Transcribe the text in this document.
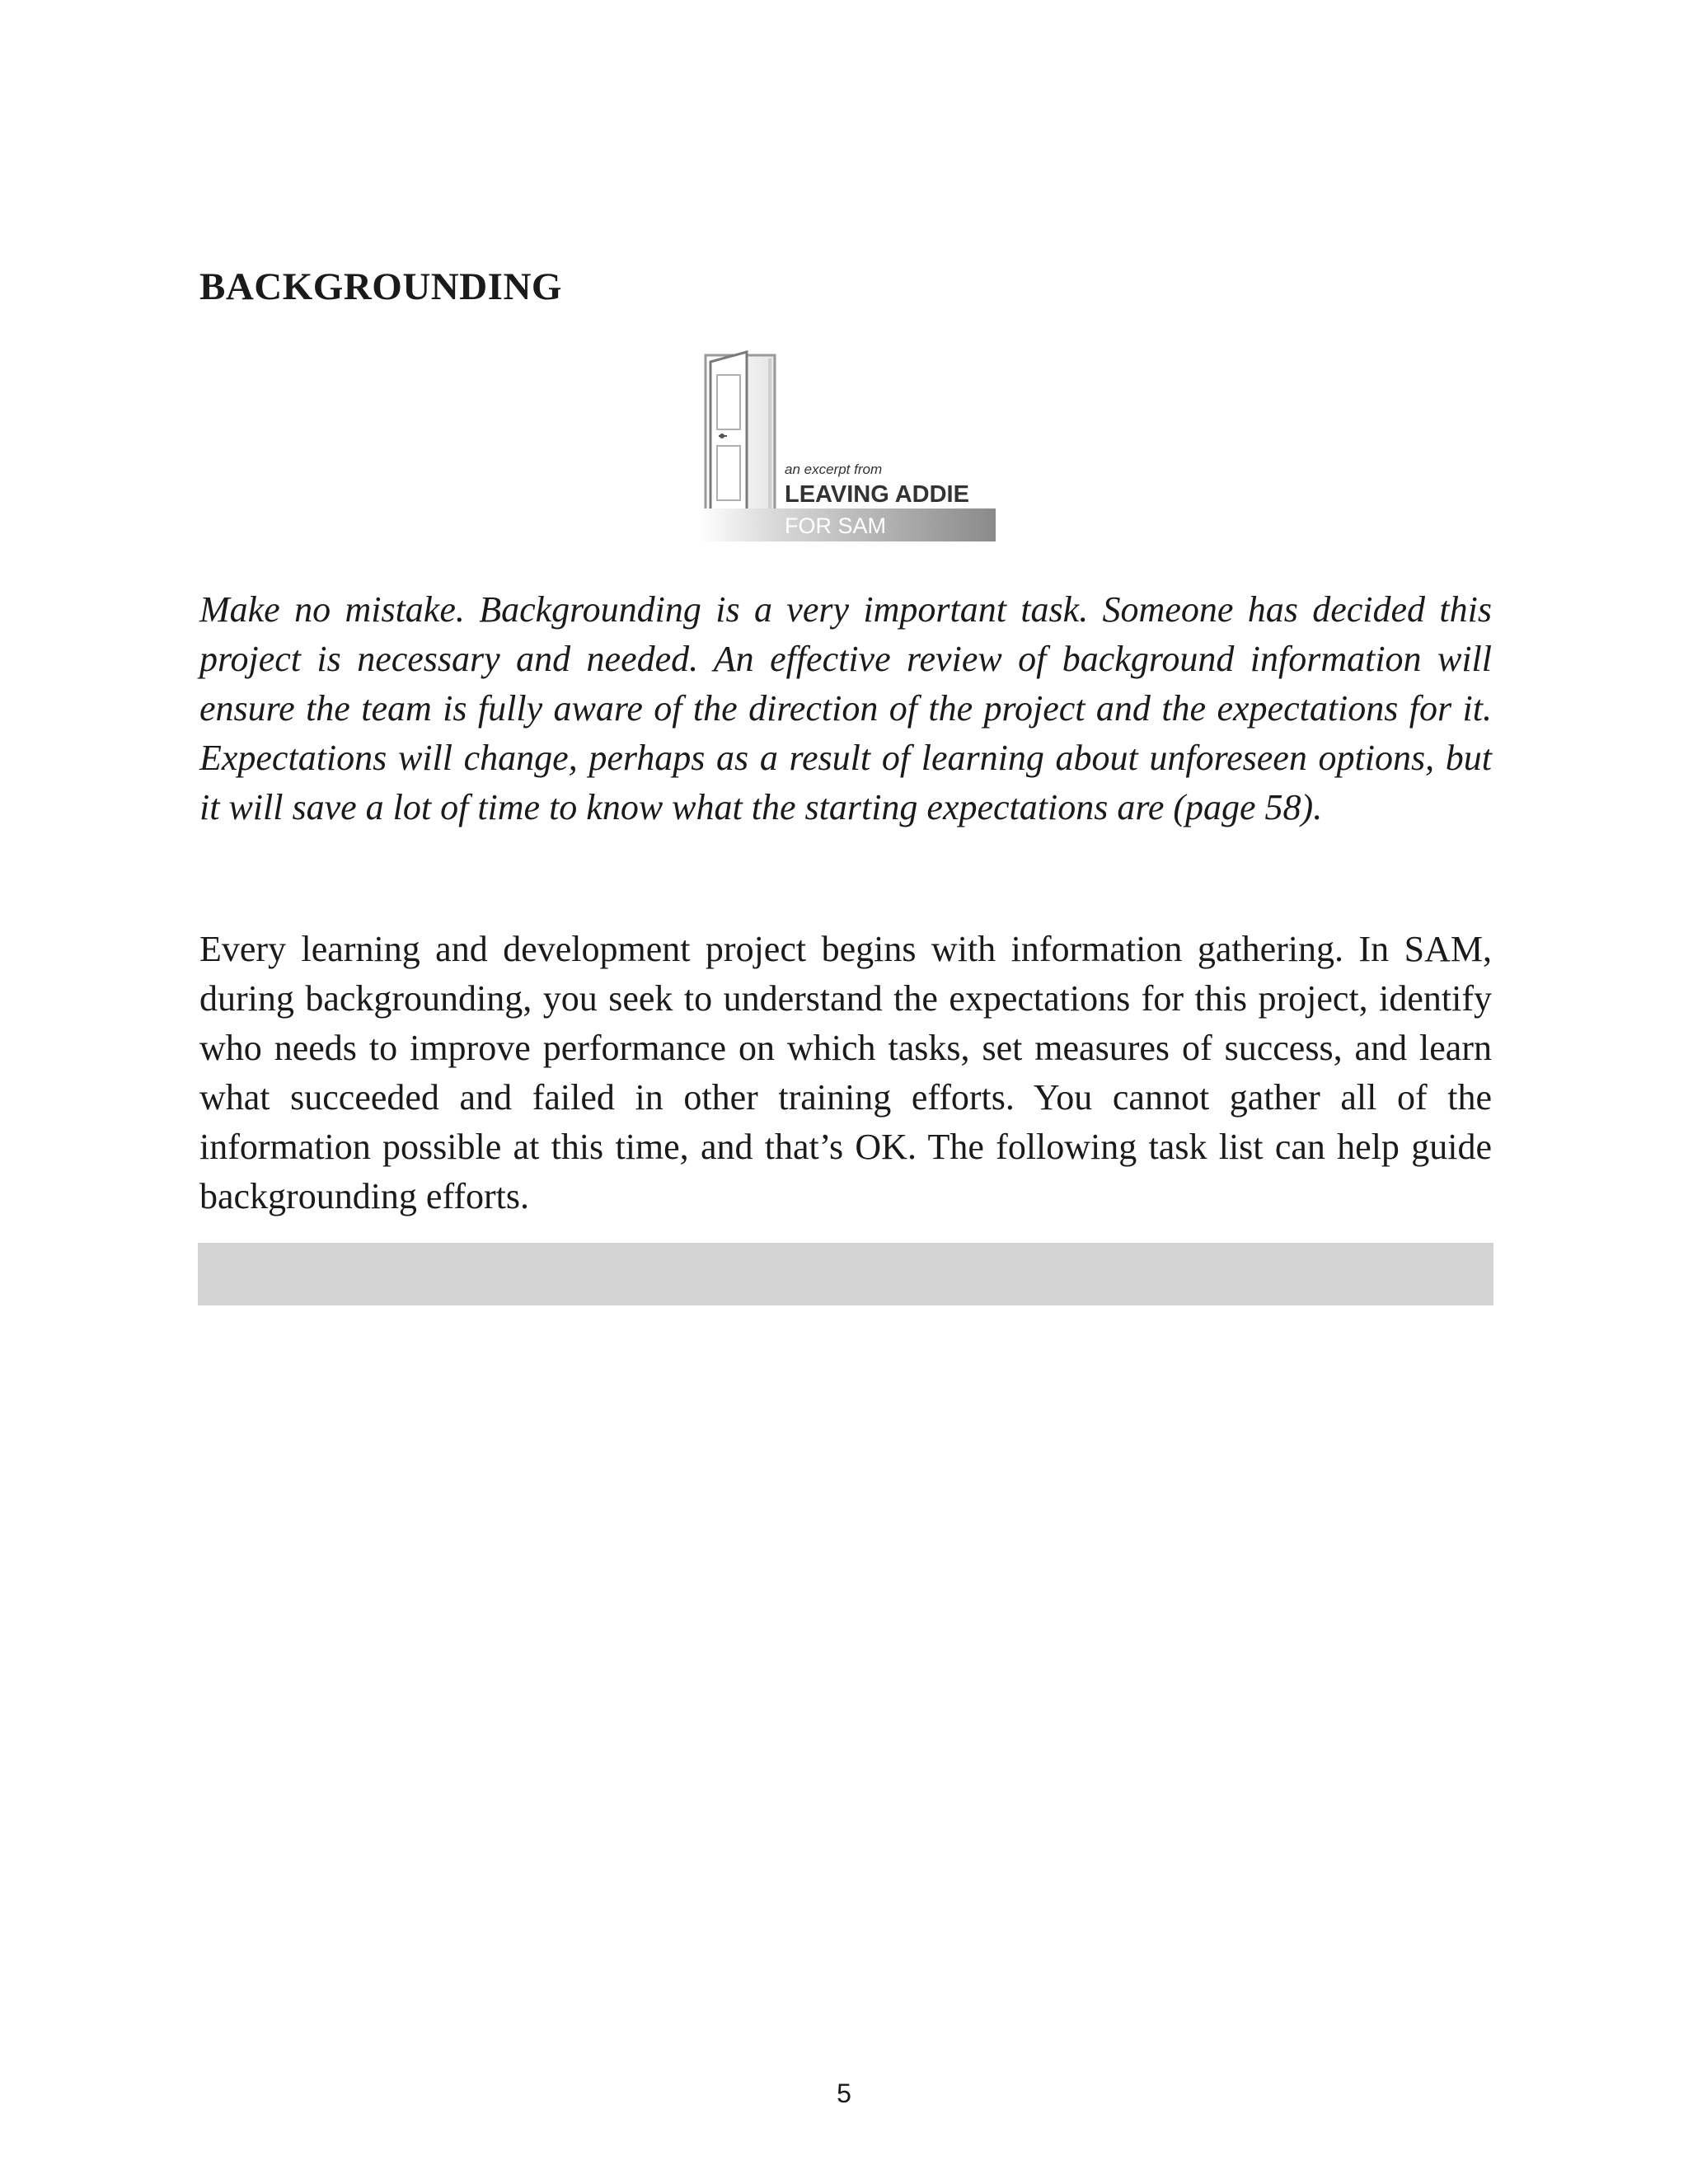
BACKGROUNDING
an excerpt from
LEAVING ADDIE
FOR SAM

Make no mistake. Backgrounding is a very important task. Someone has decided this project is necessary and needed. An effective review of background information will ensure the team is fully aware of the direction of the project and the expectations for it. Expectations will change, perhaps as a result of learning about unforeseen options, but it will save a lot of time to know what the starting expectations are (page 58).

Every learning and development project begins with information gathering. In SAM, during backgrounding, you seek to understand the expectations for this project, identify who needs to improve performance on which tasks, set measures of success, and learn what succeeded and failed in other training efforts. You cannot gather all of the information possible at this time, and that’s OK. The following task list can help guide backgrounding efforts.

5
